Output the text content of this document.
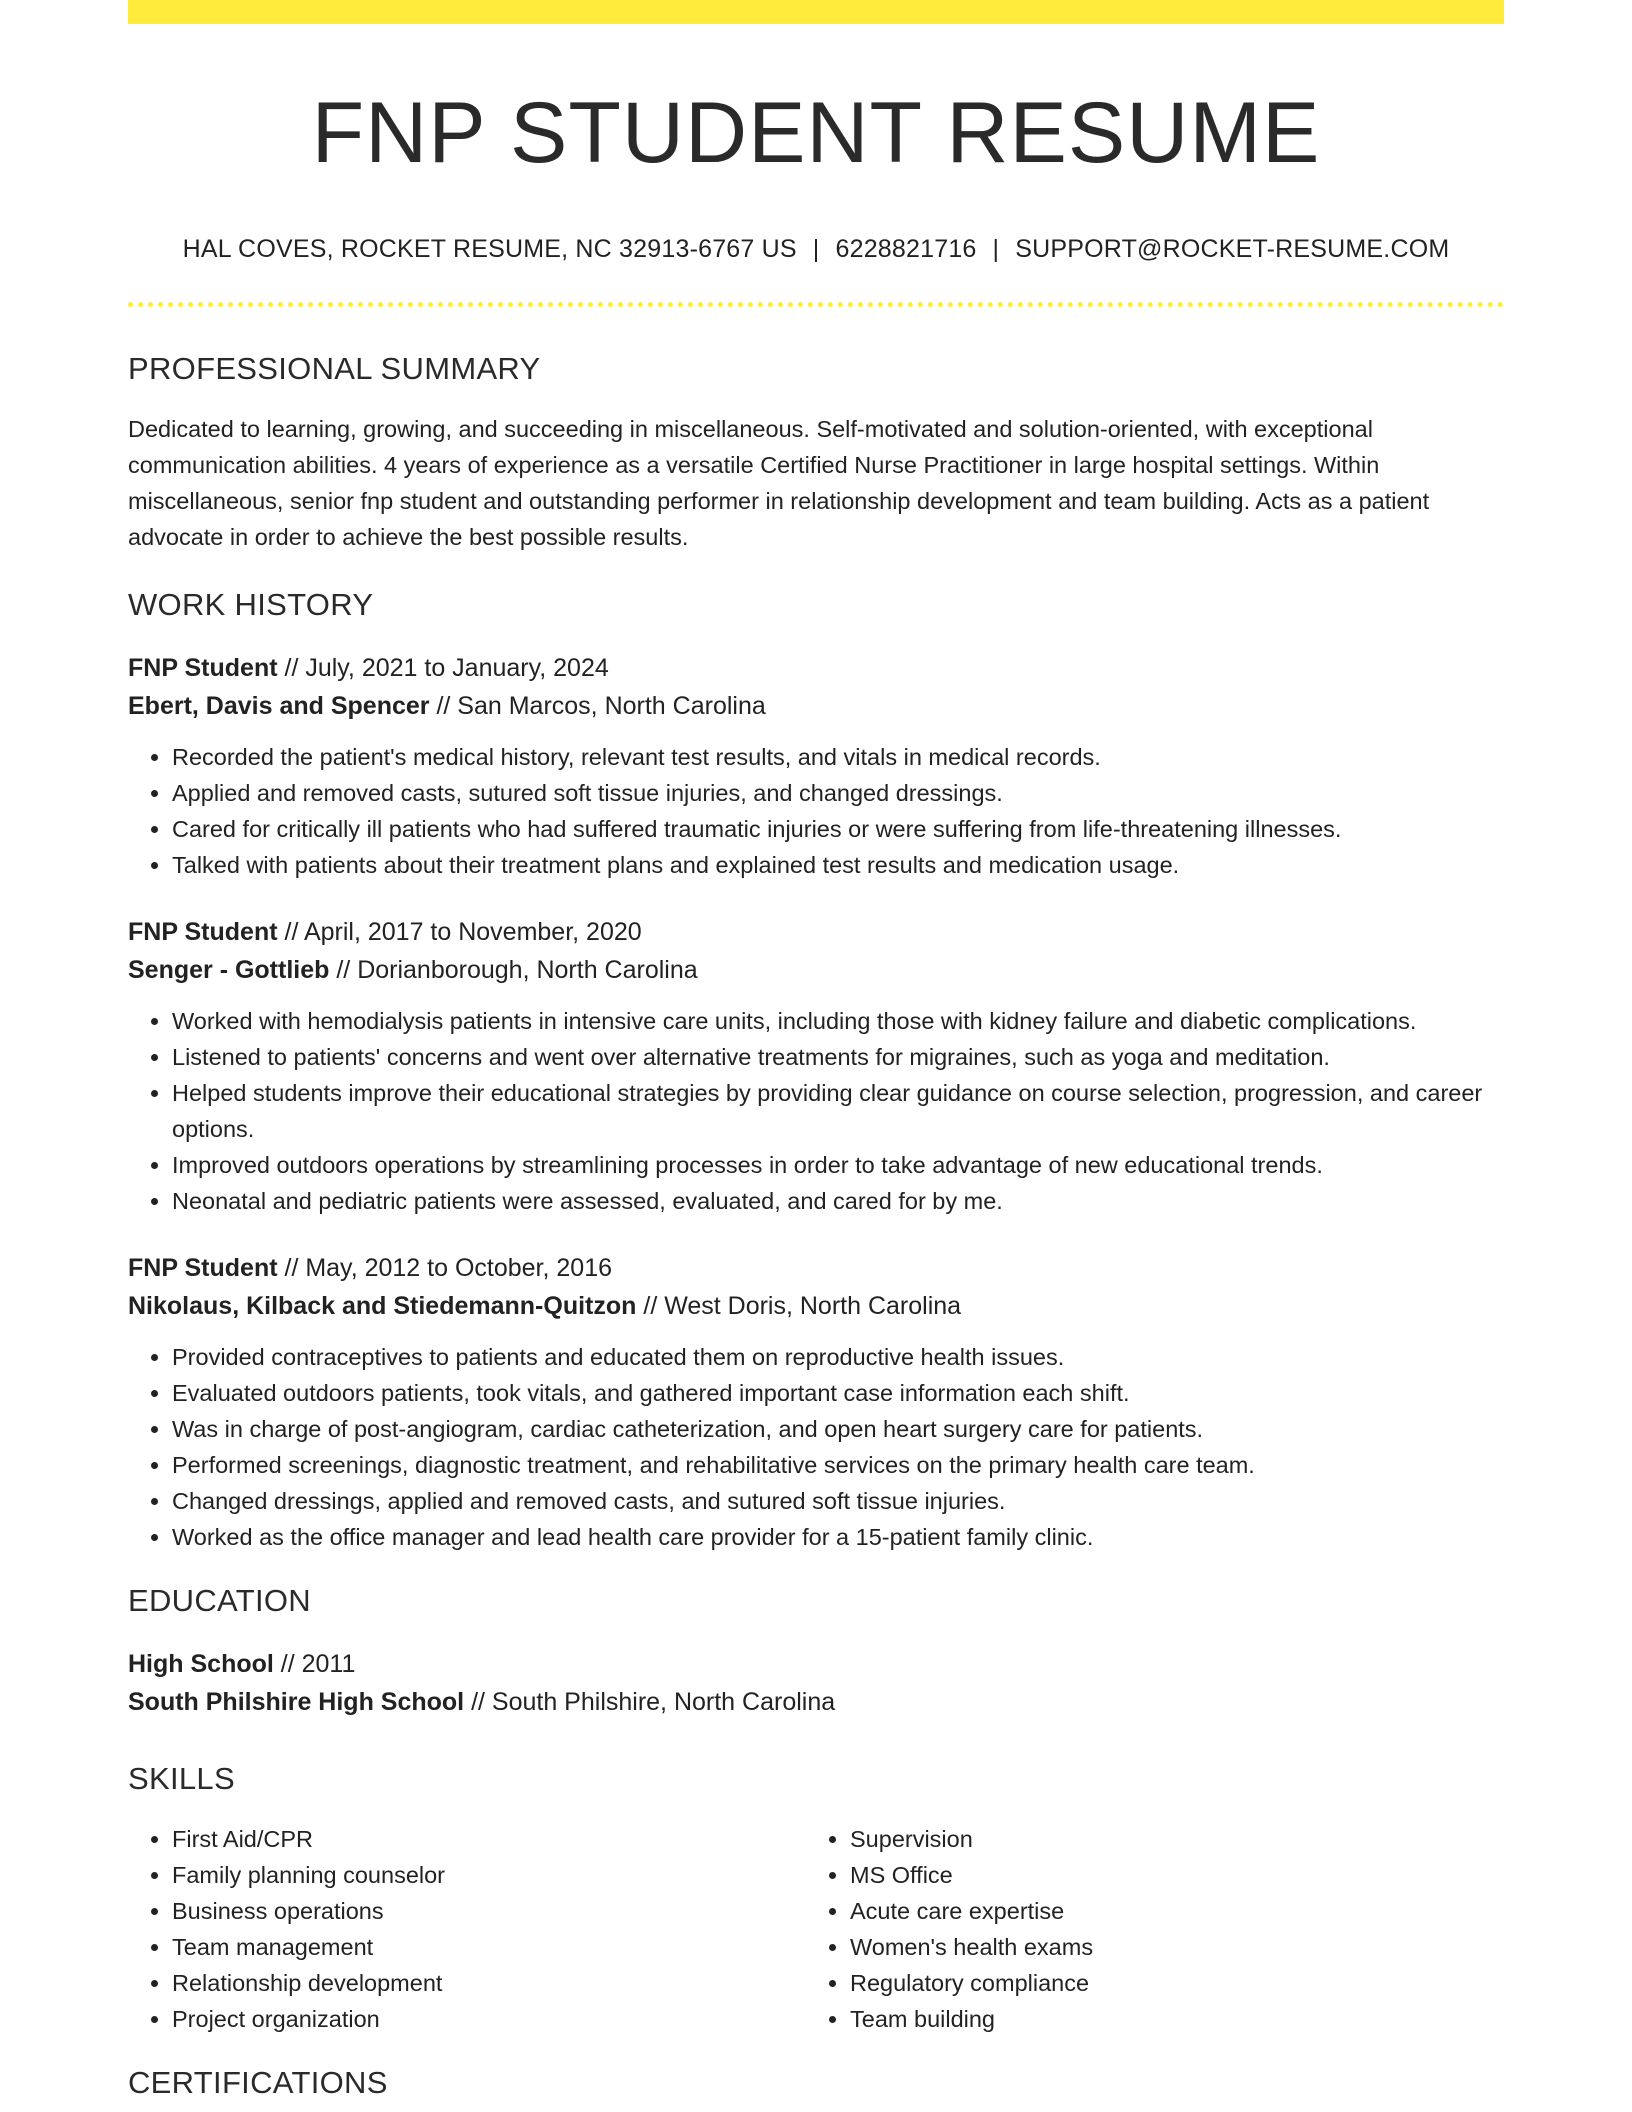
FNP STUDENT RESUME
HAL COVES, ROCKET RESUME, NC 32913-6767 US | 6228821716 | SUPPORT@ROCKET-RESUME.COM
PROFESSIONAL SUMMARY
Dedicated to learning, growing, and succeeding in miscellaneous. Self-motivated and solution-oriented, with exceptional communication abilities. 4 years of experience as a versatile Certified Nurse Practitioner in large hospital settings. Within miscellaneous, senior fnp student and outstanding performer in relationship development and team building. Acts as a patient advocate in order to achieve the best possible results.
WORK HISTORY
FNP Student // July, 2021 to January, 2024
Ebert, Davis and Spencer // San Marcos, North Carolina
• Recorded the patient's medical history, relevant test results, and vitals in medical records.
• Applied and removed casts, sutured soft tissue injuries, and changed dressings.
• Cared for critically ill patients who had suffered traumatic injuries or were suffering from life-threatening illnesses.
• Talked with patients about their treatment plans and explained test results and medication usage.
FNP Student // April, 2017 to November, 2020
Senger - Gottlieb // Dorianborough, North Carolina
• Worked with hemodialysis patients in intensive care units, including those with kidney failure and diabetic complications.
• Listened to patients' concerns and went over alternative treatments for migraines, such as yoga and meditation.
• Helped students improve their educational strategies by providing clear guidance on course selection, progression, and career options.
• Improved outdoors operations by streamlining processes in order to take advantage of new educational trends.
• Neonatal and pediatric patients were assessed, evaluated, and cared for by me.
FNP Student // May, 2012 to October, 2016
Nikolaus, Kilback and Stiedemann-Quitzon // West Doris, North Carolina
• Provided contraceptives to patients and educated them on reproductive health issues.
• Evaluated outdoors patients, took vitals, and gathered important case information each shift.
• Was in charge of post-angiogram, cardiac catheterization, and open heart surgery care for patients.
• Performed screenings, diagnostic treatment, and rehabilitative services on the primary health care team.
• Changed dressings, applied and removed casts, and sutured soft tissue injuries.
• Worked as the office manager and lead health care provider for a 15-patient family clinic.
EDUCATION
High School // 2011
South Philshire High School // South Philshire, North Carolina
SKILLS
• First Aid/CPR
• Family planning counselor
• Business operations
• Team management
• Relationship development
• Project organization
• Supervision
• MS Office
• Acute care expertise
• Women's health exams
• Regulatory compliance
• Team building
CERTIFICATIONS
